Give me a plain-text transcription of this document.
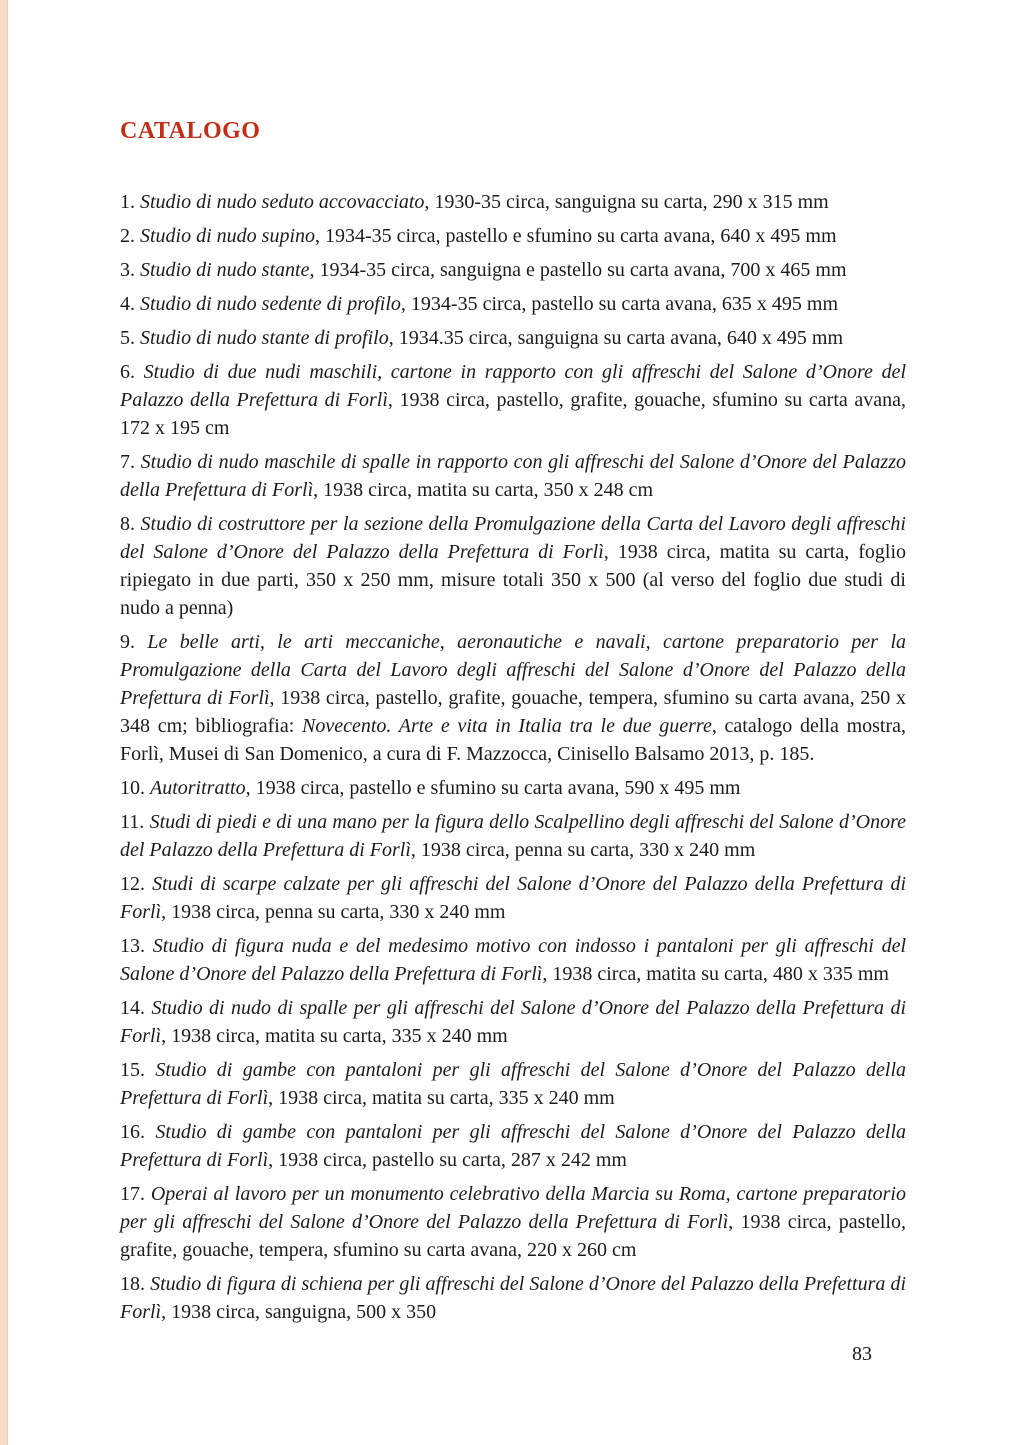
CATALOGO

1. Studio di nudo seduto accovacciato, 1930-35 circa, sanguigna su carta, 290 x 315 mm

2. Studio di nudo supino, 1934-35 circa, pastello e sfumino su carta avana, 640 x 495 mm

3. Studio di nudo stante, 1934-35 circa, sanguigna e pastello su carta avana, 700 x 465 mm

4. Studio di nudo sedente di profilo, 1934-35 circa, pastello su carta avana, 635 x 495 mm

5. Studio di nudo stante di profilo, 1934.35 circa, sanguigna su carta avana, 640 x 495 mm

6. Studio di due nudi maschili, cartone in rapporto con gli affreschi del Salone d’Onore del Palazzo della Prefettura di Forlì, 1938 circa, pastello, grafite, gouache, sfumino su carta avana, 172 x 195 cm

7. Studio di nudo maschile di spalle in rapporto con gli affreschi del Salone d’Onore del Palazzo della Prefettura di Forlì, 1938 circa, matita su carta, 350 x 248 cm

8. Studio di costruttore per la sezione della Promulgazione della Carta del Lavoro degli affreschi del Salone d’Onore del Palazzo della Prefettura di Forlì, 1938 circa, matita su carta, foglio ripiegato in due parti, 350 x 250 mm, misure totali 350 x 500 (al verso del foglio due studi di nudo a penna)

9. Le belle arti, le arti meccaniche, aeronautiche e navali, cartone preparatorio per la Promulgazione della Carta del Lavoro degli affreschi del Salone d’Onore del Palazzo della Prefettura di Forlì, 1938 circa, pastello, grafite, gouache, tempera, sfumino su carta avana, 250 x 348 cm; bibliografia: Novecento. Arte e vita in Italia tra le due guerre, catalogo della mostra, Forlì, Musei di San Domenico, a cura di F. Mazzocca, Cinisello Balsamo 2013, p. 185.

10. Autoritratto, 1938 circa, pastello e sfumino su carta avana, 590 x 495 mm

11. Studi di piedi e di una mano per la figura dello Scalpellino degli affreschi del Salone d’Onore del Palazzo della Prefettura di Forlì, 1938 circa, penna su carta, 330 x 240 mm

12. Studi di scarpe calzate per gli affreschi del Salone d’Onore del Palazzo della Prefettura di Forlì, 1938 circa, penna su carta, 330 x 240 mm

13. Studio di figura nuda e del medesimo motivo con indosso i pantaloni per gli affreschi del Salone d’Onore del Palazzo della Prefettura di Forlì, 1938 circa, matita su carta, 480 x 335 mm

14. Studio di nudo di spalle per gli affreschi del Salone d’Onore del Palazzo della Prefettura di Forlì, 1938 circa, matita su carta, 335 x 240 mm

15. Studio di gambe con pantaloni per gli affreschi del Salone d’Onore del Palazzo della Prefettura di Forlì, 1938 circa, matita su carta, 335 x 240 mm

16. Studio di gambe con pantaloni per gli affreschi del Salone d’Onore del Palazzo della Prefettura di Forlì, 1938 circa, pastello su carta, 287 x 242 mm

17. Operai al lavoro per un monumento celebrativo della Marcia su Roma, cartone preparatorio per gli affreschi del Salone d’Onore del Palazzo della Prefettura di Forlì, 1938 circa, pastello, grafite, gouache, tempera, sfumino su carta avana, 220 x 260 cm

18. Studio di figura di schiena per gli affreschi del Salone d’Onore del Palazzo della Prefettura di Forlì, 1938 circa, sanguigna, 500 x 350

83
